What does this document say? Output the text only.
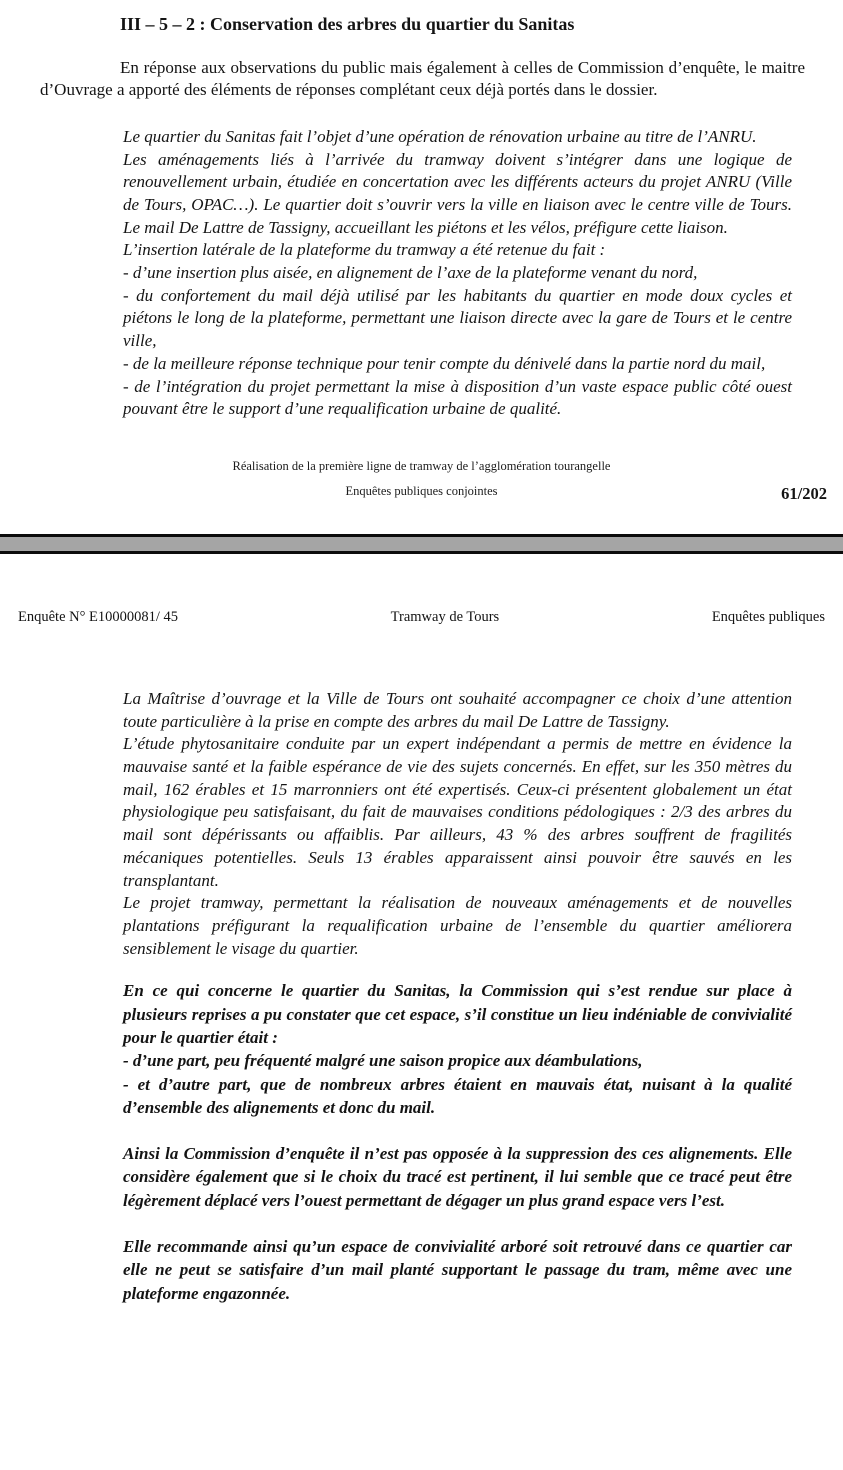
III – 5 – 2 : Conservation des arbres du quartier du Sanitas

En réponse aux observations du public mais également à celles de Commission d’enquête, le maitre d’Ouvrage a apporté des éléments de réponses complétant ceux déjà portés dans le dossier.

Le quartier du Sanitas fait l’objet d’une opération de rénovation urbaine au titre de l’ANRU.

Les aménagements liés à l’arrivée du tramway doivent s’intégrer dans une logique de renouvellement urbain, étudiée en concertation avec les différents acteurs du projet ANRU (Ville de Tours, OPAC…). Le quartier doit s’ouvrir vers la ville en liaison avec le centre ville de Tours. Le mail De Lattre de Tassigny, accueillant les piétons et les vélos, préfigure cette liaison.

L’insertion latérale de la plateforme du tramway a été retenue du fait :

- d’une insertion plus aisée, en alignement de l’axe de la plateforme venant du nord,

- du confortement du mail déjà utilisé par les habitants du quartier en mode doux cycles et piétons le long de la plateforme, permettant une liaison directe avec la gare de Tours et le centre ville,

- de la meilleure réponse technique pour tenir compte du dénivelé dans la partie nord du mail,

- de l’intégration du projet permettant la mise à disposition d’un vaste espace public côté ouest pouvant être le support d’une requalification urbaine de qualité.

Réalisation de la première ligne de tramway de l’agglomération tourangelle
Enquêtes publiques conjointes	61/202
Enquête N° E10000081/ 45	Tramway de Tours	Enquêtes publiques

La Maîtrise d’ouvrage et la Ville de Tours ont souhaité accompagner ce choix d’une attention toute particulière à la prise en compte des arbres du mail De Lattre de Tassigny.

L’étude phytosanitaire conduite par un expert indépendant a permis de mettre en évidence la mauvaise santé et la faible espérance de vie des sujets concernés. En effet, sur les 350 mètres du mail, 162 érables et 15 marronniers ont été expertisés. Ceux-ci présentent globalement un état physiologique peu satisfaisant, du fait de mauvaises conditions pédologiques : 2/3 des arbres du mail sont dépérissants ou affaiblis. Par ailleurs, 43 % des arbres souffrent de fragilités mécaniques potentielles. Seuls 13 érables apparaissent ainsi pouvoir être sauvés en les transplantant.

Le projet tramway, permettant la réalisation de nouveaux aménagements et de nouvelles plantations préfigurant la requalification urbaine de l’ensemble du quartier améliorera sensiblement le visage du quartier.

En ce qui concerne le quartier du Sanitas, la Commission qui s’est rendue sur place à plusieurs reprises a pu constater que cet espace, s’il constitue un lieu indéniable de convivialité pour le quartier était :

- d’une part, peu fréquenté malgré une saison propice aux déambulations,

- et d’autre part, que de nombreux arbres étaient en mauvais état, nuisant à la qualité d’ensemble des alignements et donc du mail.

Ainsi la Commission d’enquête il n’est pas opposée à la suppression des ces alignements. Elle considère également que si le choix du tracé est pertinent, il lui semble que ce tracé peut être légèrement déplacé vers l’ouest permettant de dégager un plus grand espace vers l’est.

Elle recommande ainsi qu’un espace de convivialité arboré soit retrouvé dans ce quartier car elle ne peut se satisfaire d’un mail planté supportant le passage du tram, même avec une plateforme engazonnée.
